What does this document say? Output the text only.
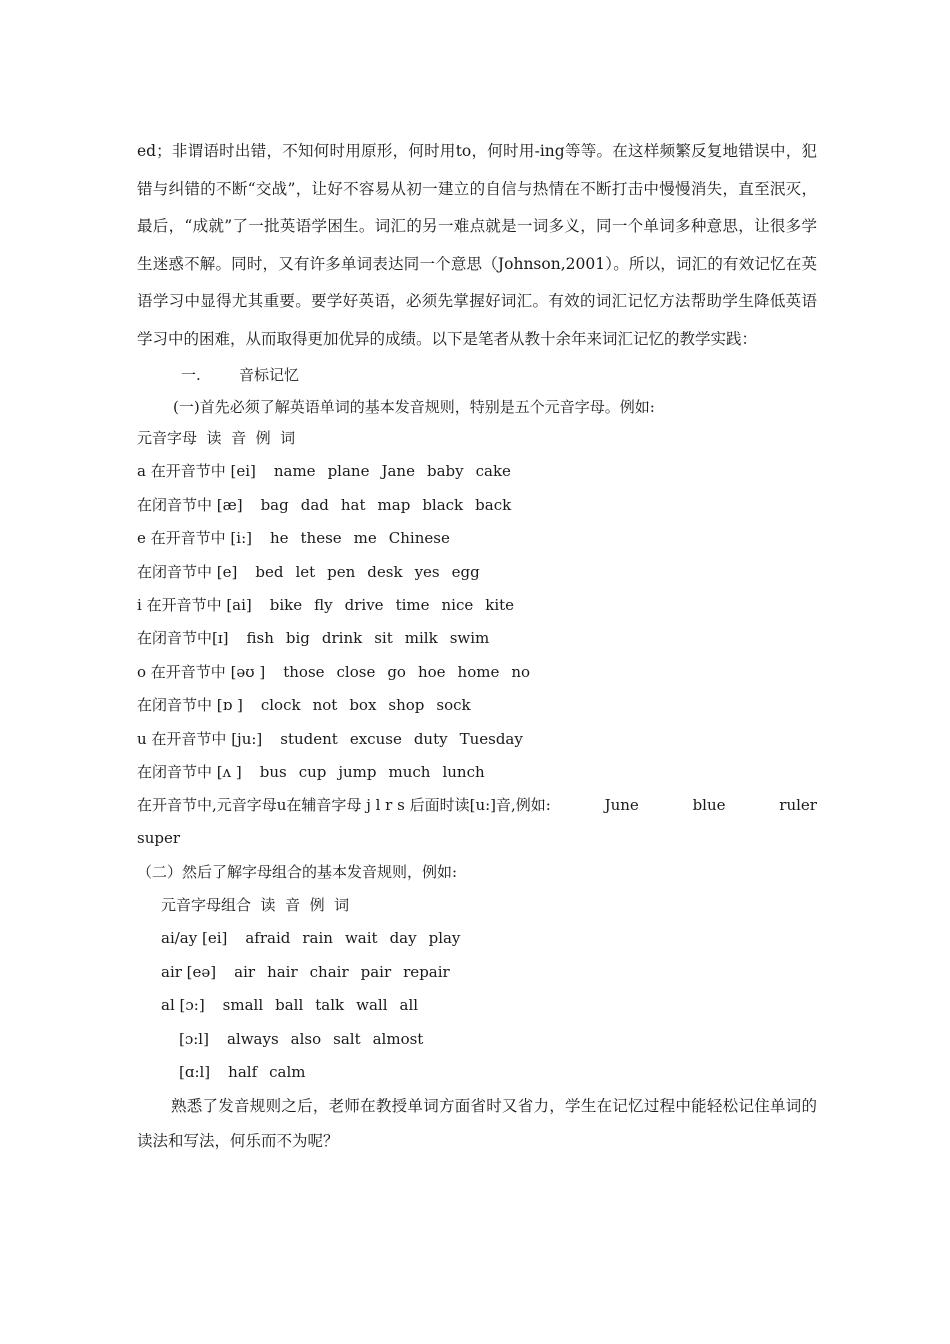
ed；非谓语时出错，不知何时用原形，何时用to，何时用-ing等等。在这样频繁反复地错误中，犯错与纠错的不断“交战”，让好不容易从初一建立的自信与热情在不断打击中慢慢消失，直至泯灭，最后，“成就”了一批英语学困生。词汇的另一难点就是一词多义，同一个单词多种意思，让很多学生迷惑不解。同时，又有许多单词表达同一个意思（Johnson,2001）。所以，词汇的有效记忆在英语学习中显得尤其重要。要学好英语，必须先掌握好词汇。有效的词汇记忆方法帮助学生降低英语学习中的困难，从而取得更加优异的成绩。以下是笔者从教十余年来词汇记忆的教学实践：

一.	音标记忆

(一)首先必须了解英语单词的基本发音规则，特别是五个元音字母。例如:

元音字母  读  音  例  词

a 在开音节中 [ei] name plane Jane baby cake

在闭音节中 [æ] bag dad hat map black back

e 在开音节中 [i:] he these me Chinese

在闭音节中 [e] bed let pen desk yes egg

i 在开音节中 [ai] bike fly drive time nice kite

在闭音节中[ɪ] fish big drink sit milk swim

o 在开音节中 [əʊ ] those close go hoe home no

在闭音节中 [ɒ ] clock not box shop sock

u 在开音节中 [ju:] student excuse duty Tuesday

在闭音节中 [ʌ ] bus cup jump much lunch

在开音节中,元音字母u在辅音字母 j l r s 后面时读[u:]音,例如:	June	blue	ruler

super

（二）然后了解字母组合的基本发音规则，例如:

元音字母组合  读  音  例  词

ai/ay [ei] afraid rain wait day play

air [eə] air hair chair pair repair

al [ɔ:] small ball talk wall all

[ɔ:l] always also salt almost

[ɑ:l] half calm

熟悉了发音规则之后，老师在教授单词方面省时又省力，学生在记忆过程中能轻松记住单词的读法和写法，何乐而不为呢？
